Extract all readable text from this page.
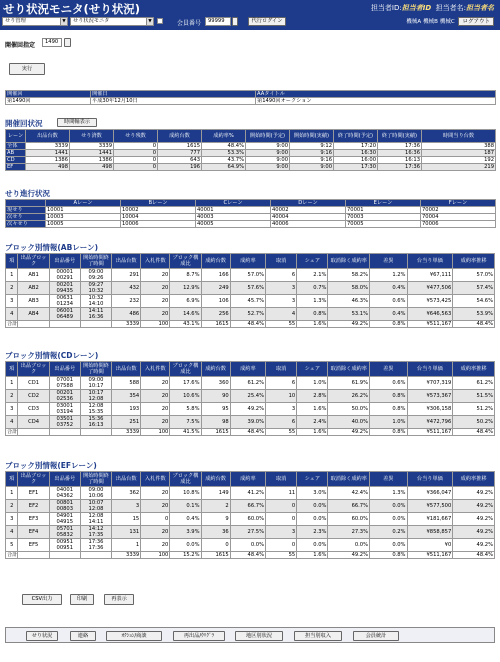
せり状況モニタ(せり状況)	担当者ID:担当者ID 担当者名:担当者名
せり管理	▼	せり状況モニタ	▼	会員番号	99999	代行ログイン	機械A 機械B 機械C ログアウト
開催回指定	1490
実行
開催回	開催日	AAタイトル
第1490回	平成30年12月10日	第1490回オークション
開催回状況	時間軸表示
レーン	出品台数	せり済数	せり残数	成約台数	成約率%	開始時間(予定)	開始時間(実績)	終了時間(予定)	終了時間(実績)	時間当り台数
全体	3339	3339	0	1615	48.4%	9:00	9:12	17:20	17:36	388
AB	1441	1441	0	777	53.3%	9:00	9:16	16:30	16:36	187
CD	1386	1386	0	643	43.7%	9:00	9:16	16:00	16:13	192
EF	498	498	0	196	64.9%	9:00	9:00	17:30	17:36	219
せり進行状況
	Aレーン	Bレーン	Cレーン	Dレーン	Eレーン	Fレーン
現せり	10001	10002	40001	40002	70001	70002
次せり	10003	10004	40003	40004	70003	70004
次々せり	10005	10006	40005	40006	70005	70006
ブロック別情報(ABレーン)
項	出品ブロック	出品番号	開始時間終了時間	出品台数	入札件数	ブロック構成比	成約台数	成約率	取消	シェア	取消除く成約率	差異	台当り単価	成約率推移
1	AB1	00001 00291	09:00 09:26	291	20	8.7%	166	57.0%	6	2.1%	58.2%	1.2%	¥67,111	57.0%
2	AB2	00201 09435	09:27 10:32	432	20	12.9%	249	57.6%	3	0.7%	58.0%	0.4%	¥477,506	57.4%
3	AB3	00631 01234	10:32 14:10	232	20	6.9%	106	45.7%	3	1.3%	46.3%	0.6%	¥573,425	54.6%
4	AB4	06001 06489	14:11 16:36	486	20	14.6%	256	52.7%	4	0.8%	53.1%	0.4%	¥646,563	53.9%
合計				3339	100	43.1%	1615	48.4%	55	1.6%	49.2%	0.8%	¥511,167	48.4%
ブロック別情報(CDレーン)
項	出品ブロック	出品番号	開始時間終了時間	出品台数	入札件数	ブロック構成比	成約台数	成約率	取消	シェア	取消除く成約率	差異	台当り単価	成約率推移
1	CD1	07001 07588	09:00 10:17	588	20	17.6%	360	61.2%	6	1.0%	61.9%	0.6%	¥707,319	61.2%
2	CD2	00201 02536	10:17 12:08	354	20	10.6%	90	25.4%	10	2.8%	26.2%	0.8%	¥573,367	51.5%
3	CD3	03001 03194	12:08 15:35	193	20	5.8%	95	49.2%	3	1.6%	50.0%	0.8%	¥306,158	51.2%
4	CD4	03501 03752	15:36 16:13	251	20	7.5%	98	39.0%	6	2.4%	40.0%	1.0%	¥472,796	50.2%
合計				3339	100	41.5%	1615	48.4%	55	1.6%	49.2%	0.8%	¥511,167	48.4%
ブロック別情報(EFレーン)
項	出品ブロック	出品番号	開始時間終了時間	出品台数	入札件数	ブロック構成比	成約台数	成約率	取消	シェア	取消除く成約率	差異	台当り単価	成約率推移
1	EF1	04001 04362	09:00 10:06	362	20	10.8%	149	41.2%	11	3.0%	42.4%	1.3%	¥366,047	49.2%
2	EF2	00801 00803	10:07 12:08	3	20	0.1%	2	66.7%	0	0.0%	66.7%	0.0%	¥577,500	49.2%
3	EF3	04901 04915	12:08 14:11	15	0	0.4%	9	60.0%	0	0.0%	60.0%	0.0%	¥181,667	49.2%
4	EF4	05701 05832	14:12 17:35	131	20	3.9%	36	27.5%	3	2.3%	27.3%	0.2%	¥858,857	49.2%
5	EF5	00951 00951	17:36 17:36	1	20	0.0%	0	0.0%	0	0.0%	0.0%	0.0%	¥0	49.2%
合計				3339	100	15.2%	1615	48.4%	55	1.6%	49.2%	0.8%	¥511,167	48.4%
CSV出力	印刷	再表示
せり状況	連絡	ｵｸｼｮﾝ/商談	再出品/ｳﾘｸﾞﾗ	地区別状況	担当別収入	会員統計
